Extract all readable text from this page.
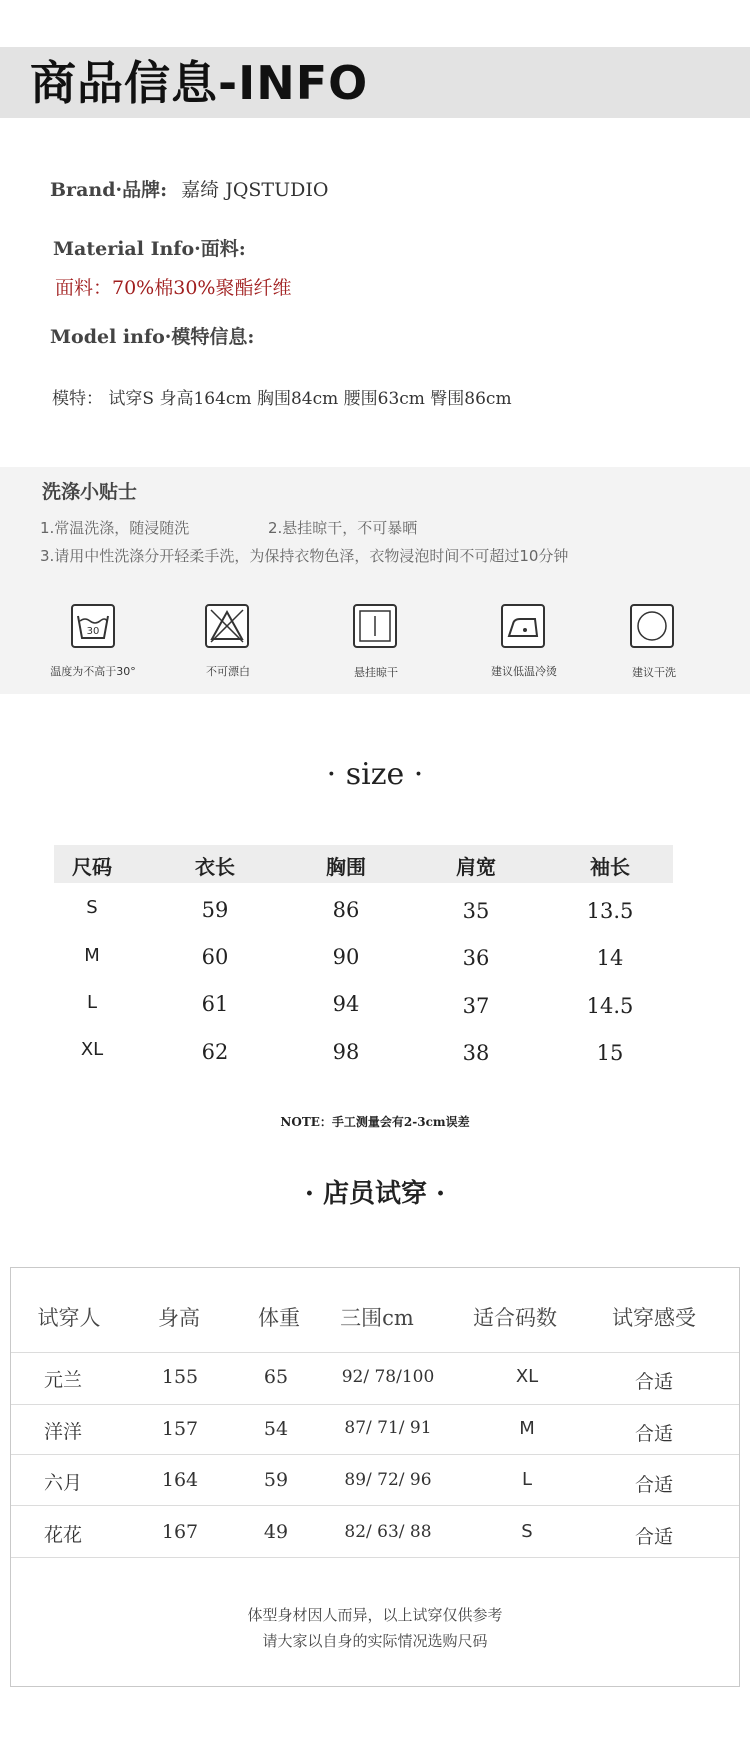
商品信息-INFO
Brand·品牌: 嘉绮 JQSTUDIO
Material Info·面料:
面料：70%棉30%聚酯纤维
Model info·模特信息:
模特： 试穿S 身高164cm 胸围84cm 腰围63cm 臀围86cm
洗涤小贴士
1.常温洗涤，随浸随洗	2.悬挂晾干，不可暴晒
3.请用中性洗涤分开轻柔手洗，为保持衣物色泽，衣物浸泡时间不可超过10分钟
30
温度为不高于30°	不可漂白	悬挂晾干	建议低温冷烫	建议干洗
· size ·
尺码	衣长	胸围	肩宽	袖长
S	59	86	35	13.5
M	60	90	36	14
L	61	94	37	14.5
XL	62	98	38	15
NOTE：手工测量会有2-3cm误差
· 店员试穿 ·
试穿人	身高	体重	三围cm	适合码数	试穿感受
元兰	155	65	92/ 78/100	XL	合适
洋洋	157	54	87/ 71/ 91	M	合适
六月	164	59	89/ 72/ 96	L	合适
花花	167	49	82/ 63/ 88	S	合适
体型身材因人而异，以上试穿仅供参考
请大家以自身的实际情况选购尺码
